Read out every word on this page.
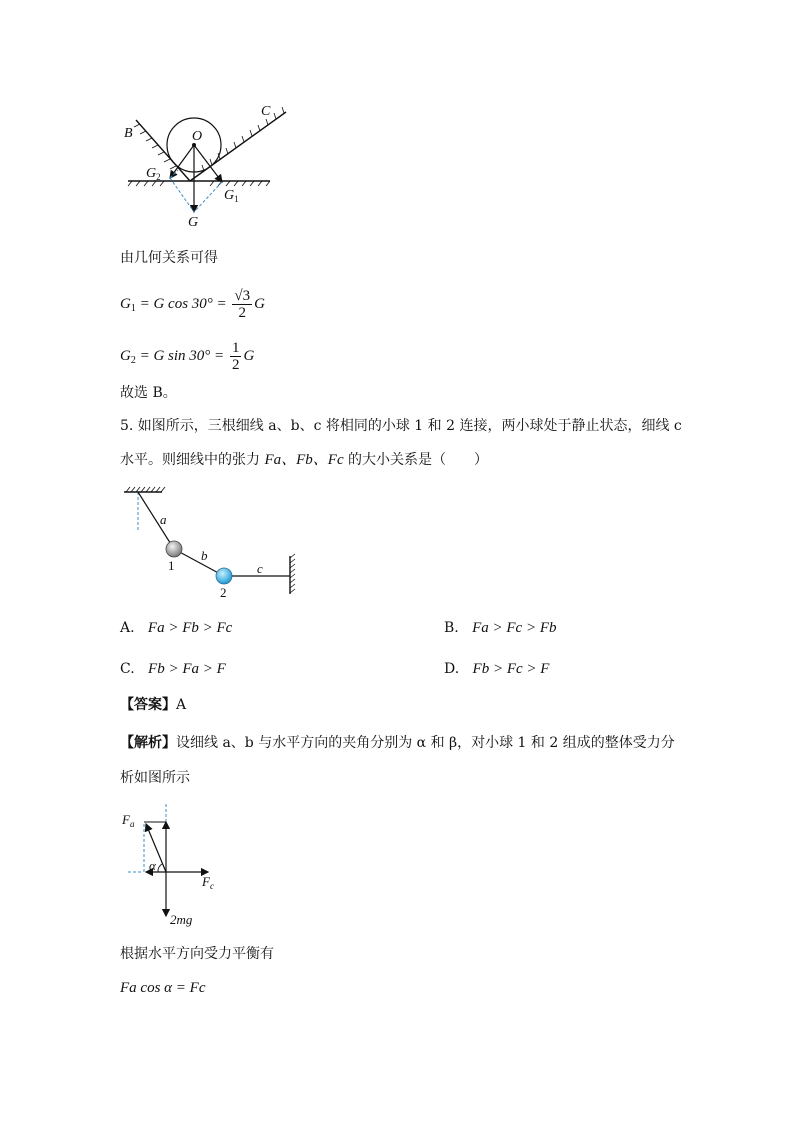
B
C
O
$G_2$
$G_1$
G
由几何关系可得
$G_1 = G$ $\cos 30^\circ = \frac{√3}{2}$ G
$G_2 = G$ $\sin 30^\circ = \frac{1}{2}$ G
故选 B。
5. 如图所示，三根细线 a、b、c 将相同的小球 1 和 2 连接，两小球处于静止状态，细线 c
水平。则细线中的张力 Fa、Fb、Fc 的大小关系是（　　）
a
b
c
1
2
A. Fa > Fb > Fc	B. Fa > Fc > Fb
C. Fb > Fa > F	D. Fb > Fc > F
【答案】A
【解析】设细线 a、b 与水平方向的夹角分别为 α 和 β，对小球 1 和 2 组成的整体受力分
析如图所示
$F_a$
α
$F_c$
2mg
根据水平方向受力平衡有
Fa cos α = Fc
